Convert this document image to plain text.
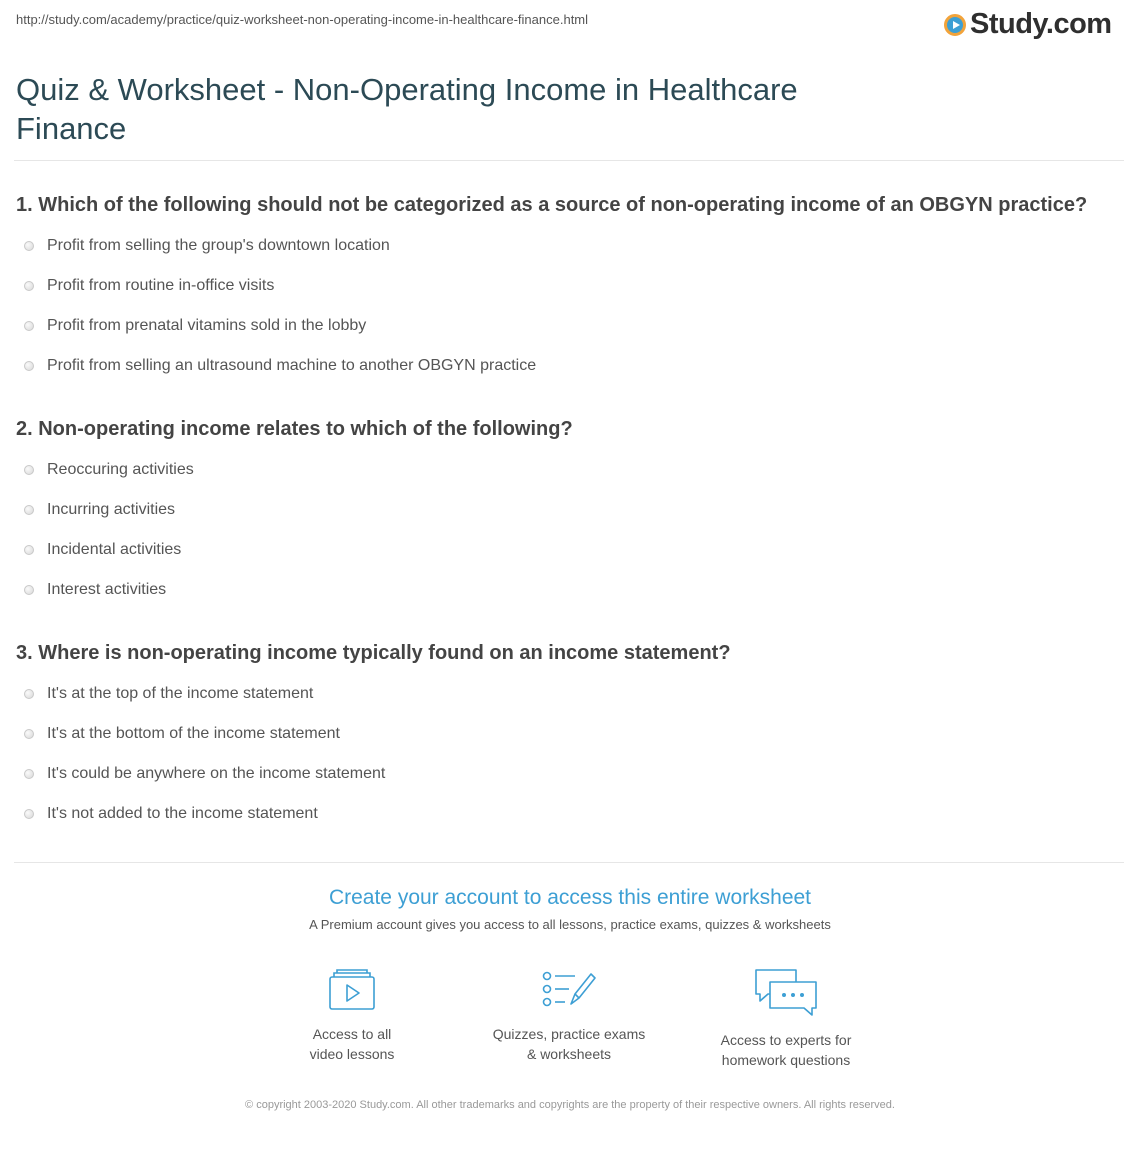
http://study.com/academy/practice/quiz-worksheet-non-operating-income-in-healthcare-finance.html	Study.com
Quiz & Worksheet - Non-Operating Income in Healthcare Finance
1. Which of the following should not be categorized as a source of non-operating income of an OBGYN practice?
Profit from selling the group's downtown location
Profit from routine in-office visits
Profit from prenatal vitamins sold in the lobby
Profit from selling an ultrasound machine to another OBGYN practice
2. Non-operating income relates to which of the following?
Reoccuring activities
Incurring activities
Incidental activities
Interest activities
3. Where is non-operating income typically found on an income statement?
It's at the top of the income statement
It's at the bottom of the income statement
It's could be anywhere on the income statement
It's not added to the income statement
Create your account to access this entire worksheet
A Premium account gives you access to all lessons, practice exams, quizzes & worksheets
Access to all
video lessons
Quizzes, practice exams
& worksheets
Access to experts for
homework questions
© copyright 2003-2020 Study.com. All other trademarks and copyrights are the property of their respective owners. All rights reserved.
